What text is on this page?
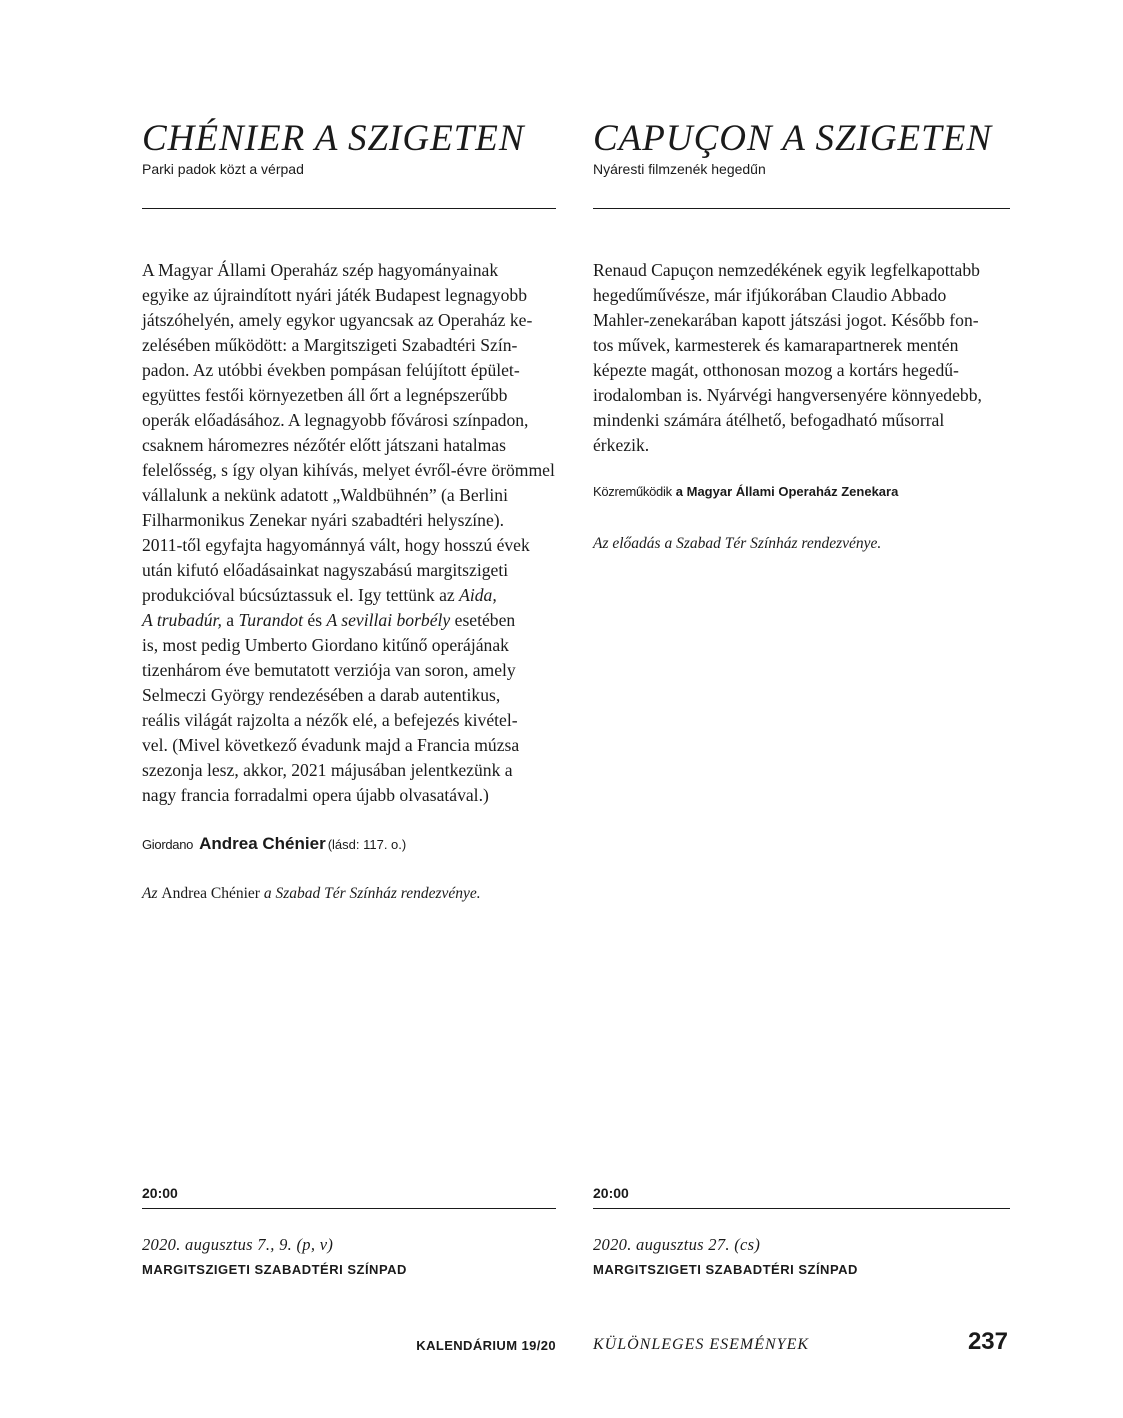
CHÉNIER A SZIGETEN
Parki padok közt a vérpad

A Magyar Állami Operaház szép hagyományainak
egyike az újraindított nyári játék Budapest legnagyobb
játszóhelyén, amely egykor ugyancsak az Operaház ke-
zelésében működött: a Margitszigeti Szabadtéri Szín-
padon. Az utóbbi években pompásan felújított épület-
együttes festői környezetben áll őrt a legnépszerűbb
operák előadásához. A legnagyobb fővárosi színpadon,
csaknem háromezres nézőtér előtt játszani hatalmas
felelősség, s így olyan kihívás, melyet évről-évre örömmel
vállalunk a nekünk adatott „Waldbühnén” (a Berlini
Filharmonikus Zenekar nyári szabadtéri helyszíne).
2011-től egyfajta hagyománnyá vált, hogy hosszú évek
után kifutó előadásainkat nagyszabású margitszigeti
produkcióval búcsúztassuk el. Igy tettünk az Aida,
A trubadúr, a Turandot és A sevillai borbély esetében
is, most pedig Umberto Giordano kitűnő operájának
tizenhárom éve bemutatott verziója van soron, amely
Selmeczi György rendezésében a darab autentikus,
reális világát rajzolta a nézők elé, a befejezés kivétel-
vel. (Mivel következő évadunk majd a Francia múzsa
szezonja lesz, akkor, 2021 májusában jelentkezünk a
nagy francia forradalmi opera újabb olvasatával.)

Giordano Andrea Chénier (lásd: 117. o.)
Az Andrea Chénier a Szabad Tér Színház rendezvénye.
20:00
2020. augusztus 7., 9. (p, v)
MARGITSZIGETI SZABADTÉRI SZÍNPAD
CAPUÇON A SZIGETEN
Nyáresti filmzenék hegedűn

Renaud Capuçon nemzedékének egyik legfelkapottabb
hegedűművésze, már ifjúkorában Claudio Abbado
Mahler-zenekarában kapott játszási jogot. Később fon-
tos művek, karmesterek és kamarapartnerek mentén
képezte magát, otthonosan mozog a kortárs hegedű-
irodalomban is. Nyárvégi hangversenyére könnyedebb,
mindenki számára átélhető, befogadható műsorral
érkezik.

Közreműködik a Magyar Állami Operaház Zenekara
Az előadás a Szabad Tér Színház rendezvénye.
20:00
2020. augusztus 27. (cs)
MARGITSZIGETI SZABADTÉRI SZÍNPAD
KALENDÁRIUM 19/20 KÜLÖNLEGES ESEMÉNYEK	237
